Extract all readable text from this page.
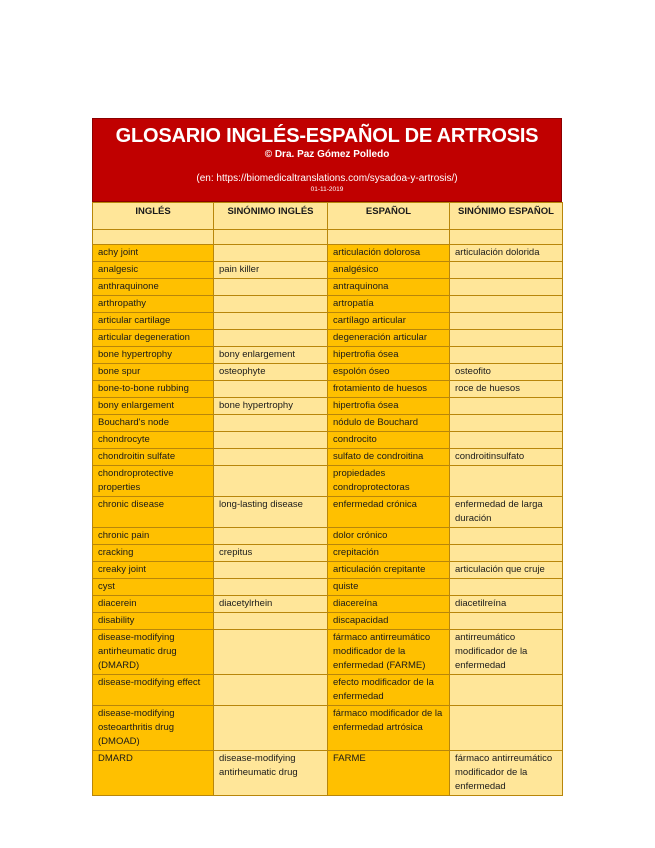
GLOSARIO INGLÉS-ESPAÑOL DE ARTROSIS
© Dra. Paz Gómez Polledo
(en: https://biomedicaltranslations.com/sysadoa-y-artrosis/)
01-11-2019
INGLÉS	SINÓNIMO INGLÉS	ESPAÑOL	SINÓNIMO ESPAÑOL

achy joint		articulación dolorosa	articulación dolorida
analgesic	pain killer	analgésico	
anthraquinone		antraquinona	
arthropathy		artropatía	
articular cartilage		cartílago articular	
articular degeneration		degeneración articular	
bone hypertrophy	bony enlargement	hipertrofia ósea	
bone spur	osteophyte	espolón óseo	osteofito
bone-to-bone rubbing		frotamiento de huesos	roce de huesos
bony enlargement	bone hypertrophy	hipertrofia ósea	
Bouchard's node		nódulo de Bouchard	
chondrocyte		condrocito	
chondroitin sulfate		sulfato de condroitina	condroitinsulfato
chondroprotective properties		propiedades condroprotectoras	
chronic disease	long-lasting disease	enfermedad crónica	enfermedad de larga duración
chronic pain		dolor crónico	
cracking	crepitus	crepitación	
creaky joint		articulación crepitante	articulación que cruje
cyst		quiste	
diacerein	diacetylrhein	diacereína	diacetilreína
disability		discapacidad	
disease-modifying antirheumatic drug (DMARD)		fármaco antirreumático modificador de la enfermedad (FARME)	antirreumático modificador de la enfermedad
disease-modifying effect		efecto modificador de la enfermedad	
disease-modifying osteoarthritis drug (DMOAD)		fármaco modificador de la enfermedad artrósica	
DMARD	disease-modifying antirheumatic drug	FARME	fármaco antirreumático modificador de la enfermedad
